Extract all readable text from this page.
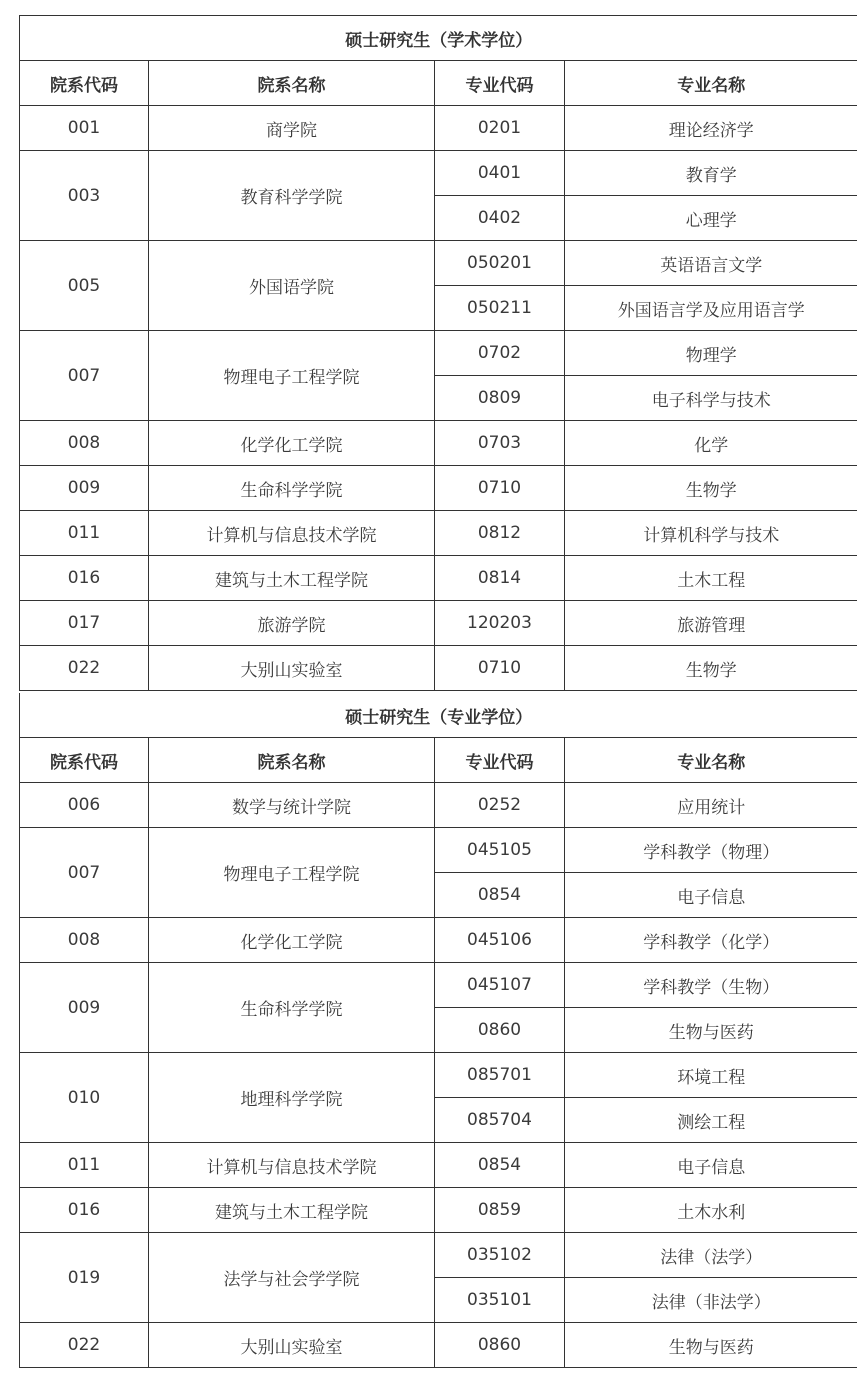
硕士研究生（学术学位）			
院系代码	院系名称	专业代码	专业名称
001	商学院	0201	理论经济学
003	教育科学学院	0401	教育学
		0402	心理学
005	外国语学院	050201	英语语言文学
		050211	外国语言学及应用语言学
007	物理电子工程学院	0702	物理学
		0809	电子科学与技术
008	化学化工学院	0703	化学
009	生命科学学院	0710	生物学
011	计算机与信息技术学院	0812	计算机科学与技术
016	建筑与土木工程学院	0814	土木工程
017	旅游学院	120203	旅游管理
022	大别山实验室	0710	生物学
硕士研究生（专业学位）			
院系代码	院系名称	专业代码	专业名称
006	数学与统计学院	0252	应用统计
007	物理电子工程学院	045105	学科教学（物理）
		0854	电子信息
008	化学化工学院	045106	学科教学（化学）
009	生命科学学院	045107	学科教学（生物）
		0860	生物与医药
010	地理科学学院	085701	环境工程
		085704	测绘工程
011	计算机与信息技术学院	0854	电子信息
016	建筑与土木工程学院	0859	土木水利
019	法学与社会学学院	035102	法律（法学）
		035101	法律（非法学）
022	大别山实验室	0860	生物与医药
